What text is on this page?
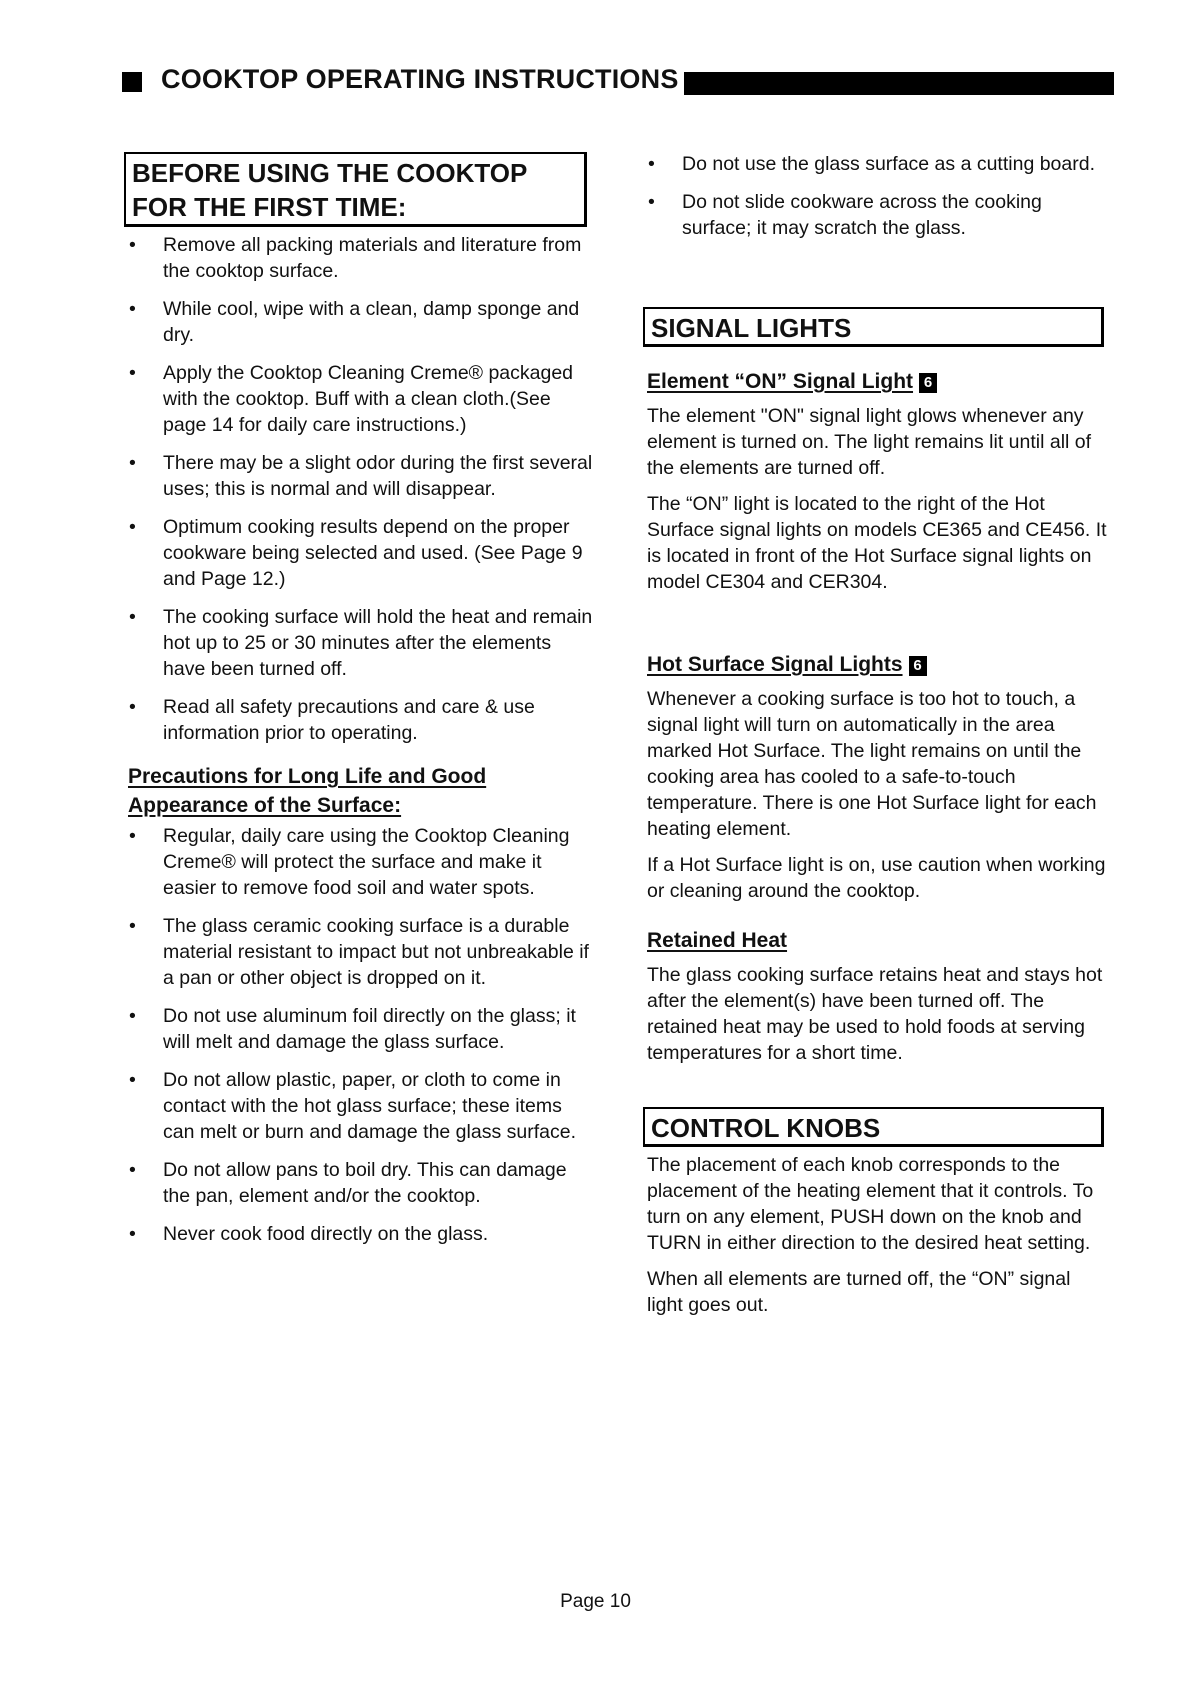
COOKTOP OPERATING INSTRUCTIONS
BEFORE USING THE COOKTOP
FOR THE FIRST TIME:
• Remove all packing materials and literature from the cooktop surface.
• While cool, wipe with a clean, damp sponge and dry.
• Apply the Cooktop Cleaning Creme® packaged with the cooktop. Buff with a clean cloth.(See page 14 for daily care instructions.)
• There may be a slight odor during the first several uses; this is normal and will disappear.
• Optimum cooking results depend on the proper cookware being selected and used. (See Page 9 and Page 12.)
• The cooking surface will hold the heat and remain hot up to 25 or 30 minutes after the elements have been turned off.
• Read all safety precautions and care & use information prior to operating.
Precautions for Long Life and Good
Appearance of the Surface:
• Regular, daily care using the Cooktop Cleaning Creme® will protect the surface and make it easier to remove food soil and water spots.
• The glass ceramic cooking surface is a durable material resistant to impact but not unbreakable if a pan or other object is dropped on it.
• Do not use aluminum foil directly on the glass; it will melt and damage the glass surface.
• Do not allow plastic, paper, or cloth to come in contact with the hot glass surface; these items can melt or burn and damage the glass surface.
• Do not allow pans to boil dry. This can damage the pan, element and/or the cooktop.
• Never cook food directly on the glass.
• Do not use the glass surface as a cutting board.
• Do not slide cookware across the cooking surface; it may scratch the glass.
SIGNAL LIGHTS
Element “ON” Signal Light 6

The element "ON" signal light glows whenever any element is turned on. The light remains lit until all of the elements are turned off.

The “ON” light is located to the right of the Hot Surface signal lights on models CE365 and CE456. It is located in front of the Hot Surface signal lights on model CE304 and CER304.

Hot Surface Signal Lights 6

Whenever a cooking surface is too hot to touch, a signal light will turn on automatically in the area marked Hot Surface. The light remains on until the cooking area has cooled to a safe-to-touch temperature. There is one Hot Surface light for each heating element.

If a Hot Surface light is on, use caution when working or cleaning around the cooktop.

Retained Heat

The glass cooking surface retains heat and stays hot after the element(s) have been turned off. The retained heat may be used to hold foods at serving temperatures for a short time.

CONTROL KNOBS

The placement of each knob corresponds to the placement of the heating element that it controls. To turn on any element, PUSH down on the knob and TURN in either direction to the desired heat setting.

When all elements are turned off, the “ON” signal light goes out.

Page 10
